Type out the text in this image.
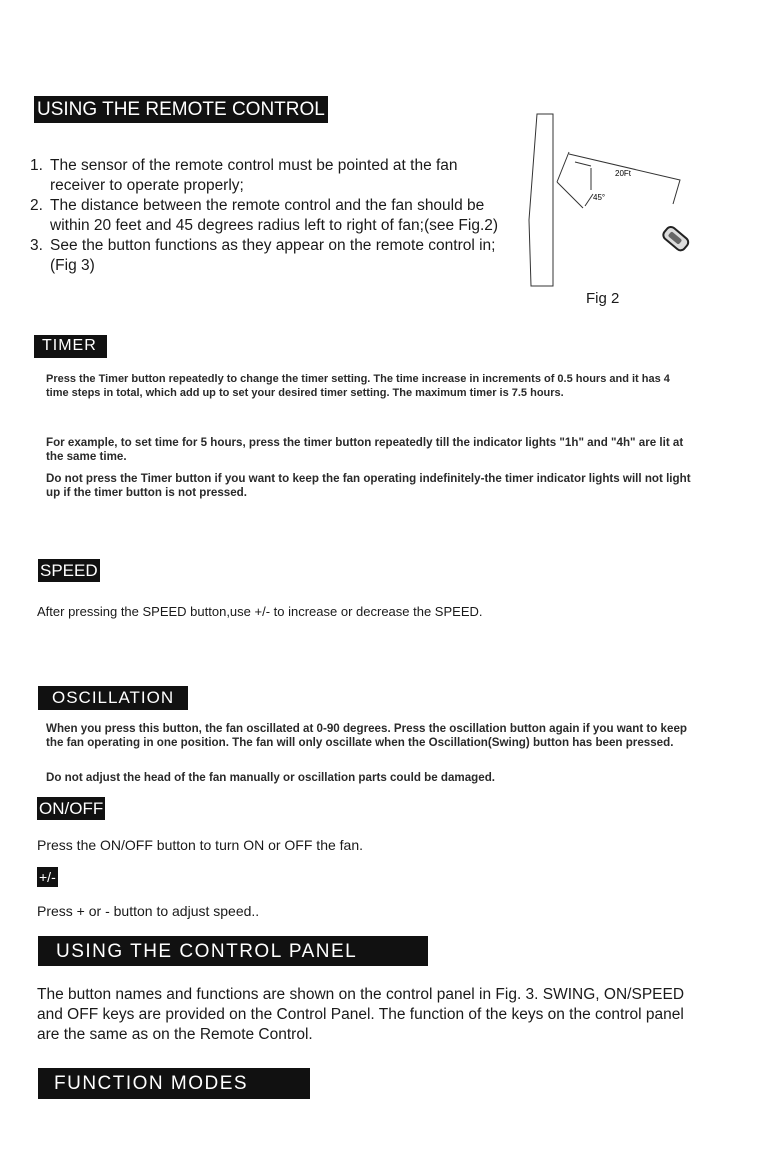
USING THE REMOTE CONTROL
1. The sensor of the remote control must be pointed at the fan receiver to operate properly;
2. The distance between the remote control and the fan should be within 20 feet and 45 degrees radius left to right of fan;(see Fig.2)
3. See the button functions as they appear on the remote control in;(Fig 3)
20Ft
45°
Fig 2
TIMER

Press the Timer button repeatedly to change the timer setting. The time increase in increments of 0.5 hours and it has 4 time steps in total, which add up to set your desired timer setting. The maximum timer is 7.5 hours.

For example, to set time for 5 hours, press the timer button repeatedly till the indicator lights "1h" and "4h" are lit at the same time.

Do not press the Timer button if you want to keep the fan operating indefinitely-the timer indicator lights will not light up if the timer button is not pressed.

SPEED

After pressing the SPEED button,use +/- to increase or decrease the SPEED.

OSCILLATION

When you press this button, the fan oscillated at 0-90 degrees. Press the oscillation button again if you want to keep the fan operating in one position. The fan will only oscillate when the Oscillation(Swing) button has been pressed.

Do not adjust the head of the fan manually or oscillation parts could be damaged.

ON/OFF

Press the ON/OFF button to turn ON or OFF the fan.

+/-

Press + or - button to adjust speed..

USING THE CONTROL PANEL

The button names and functions are shown on the control panel in Fig. 3. SWING, ON/SPEED and OFF keys are provided on the Control Panel. The function of the keys on the control panel are the same as on the Remote Control.

FUNCTION MODES
